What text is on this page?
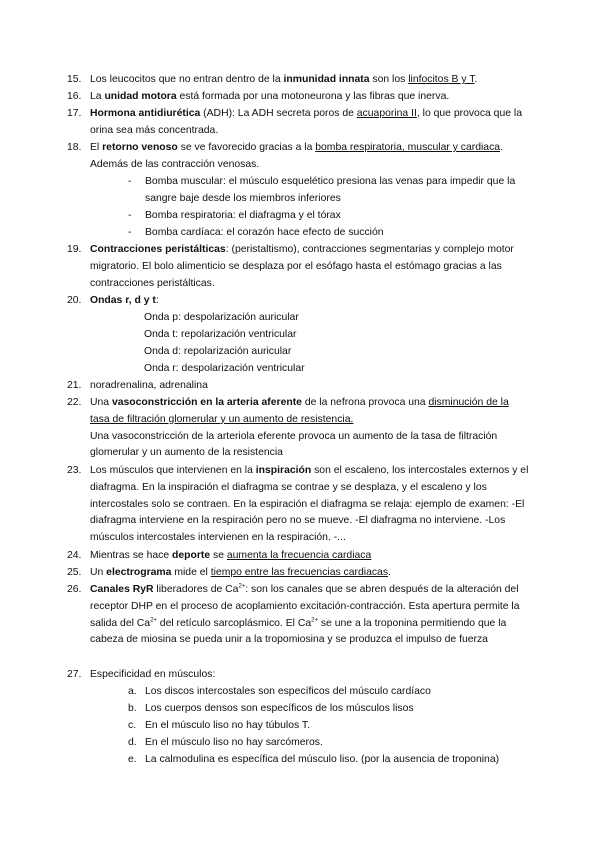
15. Los leucocitos que no entran dentro de la inmunidad innata son los linfocitos B y T.
16. La unidad motora está formada por una motoneurona y las fibras que inerva.
17. Hormona antidiurética (ADH): La ADH secreta poros de acuaporina II, lo que provoca que la orina sea más concentrada.
18. El retorno venoso se ve favorecido gracias a la bomba respiratoria, muscular y cardiaca. Además de las contracción venosas.
- Bomba muscular: el músculo esquelético presiona las venas para impedir que la sangre baje desde los miembros inferiores
- Bomba respiratoria: el diafragma y el tórax
- Bomba cardíaca: el corazón hace efecto de succión
19. Contracciones peristálticas: (peristaltismo), contracciones segmentarias y complejo motor migratorio. El bolo alimenticio se desplaza por el esófago hasta el estómago gracias a las contracciones peristálticas.
20. Ondas r, d y t:
Onda p: despolarización auricular
Onda t: repolarización ventricular
Onda d: repolarización auricular
Onda r: despolarización ventricular
21. noradrenalina, adrenalina
22. Una vasoconstricción en la arteria aferente de la nefrona provoca una disminución de la tasa de filtración glomerular y un aumento de resistencia.
Una vasoconstricción de la arteriola eferente provoca un aumento de la tasa de filtración glomerular y un aumento de la resistencia
23. Los músculos que intervienen en la inspiración son el escaleno, los intercostales externos y el diafragma. En la inspiración el diafragma se contrae y se desplaza, y el escaleno y los intercostales solo se contraen. En la espiración el diafragma se relaja: ejemplo de examen: -El diafragma interviene en la respiración pero no se mueve. -El diafragma no interviene. -Los músculos intercostales intervienen en la respiración. -...
24. Mientras se hace deporte se aumenta la frecuencia cardiaca
25. Un electrograma mide el tiempo entre las frecuencias cardiacas.
26. Canales RyR liberadores de $Ca^{2+}$: son los canales que se abren después de la alteración del receptor DHP en el proceso de acoplamiento excitación-contracción. Esta apertura permite la salida del $Ca^{2+}$ del retículo sarcoplásmico. El $Ca^{2+}$ se une a la troponina permitiendo que la cabeza de miosina se pueda unir a la tropomiosina y se produzca el impulso de fuerza
27. Especificidad en músculos:
a. Los discos intercostales son específicos del músculo cardíaco
b. Los cuerpos densos son específicos de los músculos lisos
c. En el músculo liso no hay túbulos T.
d. En el músculo liso no hay sarcómeros.
e. La calmodulina es específica del músculo liso. (por la ausencia de troponina)
